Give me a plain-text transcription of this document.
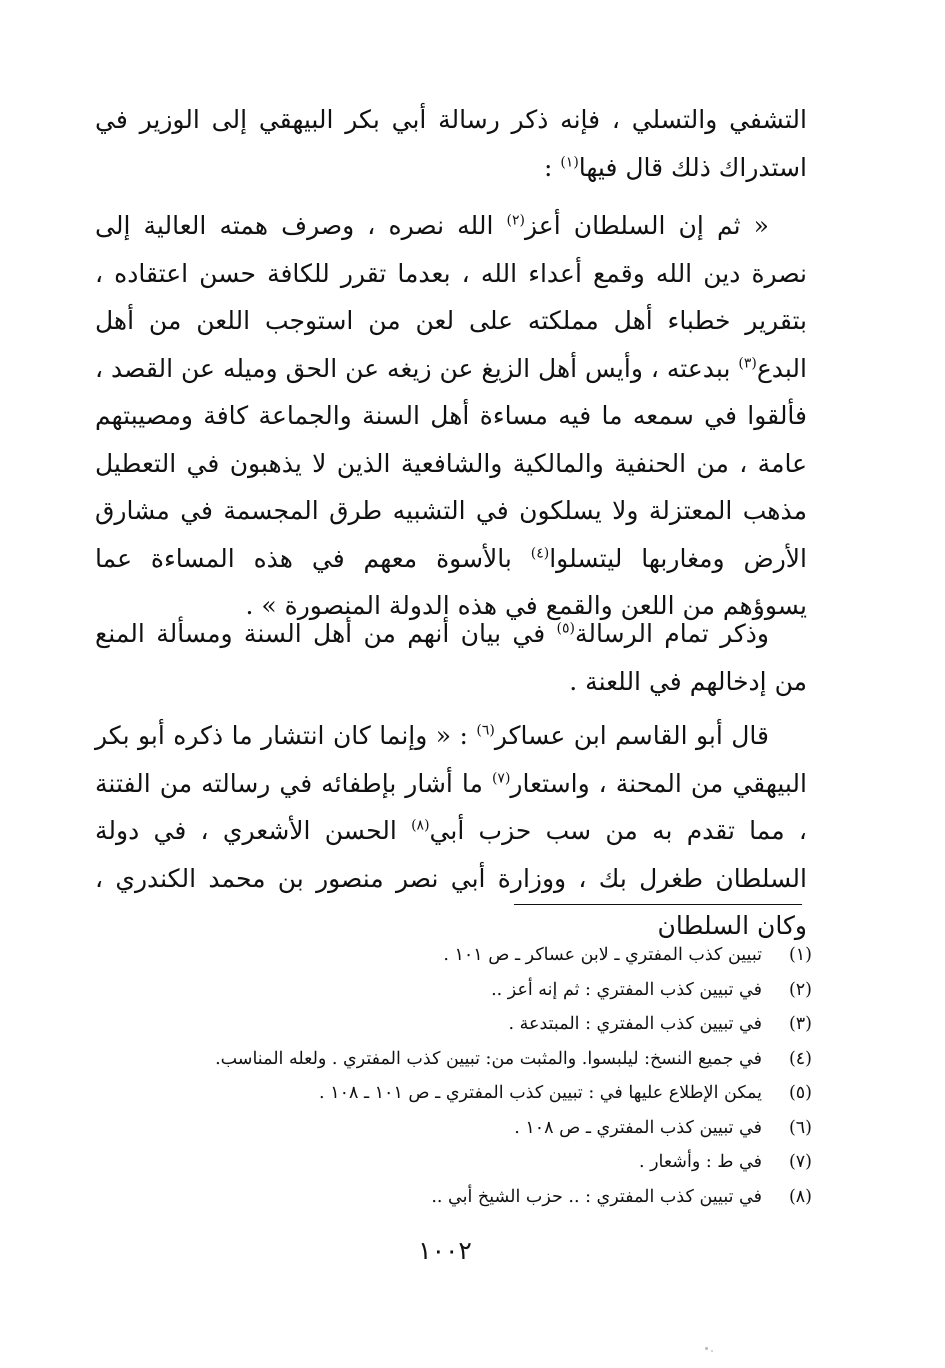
التشفي والتسلي ، فإنه ذكر رسالة أبي بكر البيهقي إلى الوزير في استدراك ذلك قال فيها$^{(١)}$ :

« ثم إن السلطان أعز$^{(٢)}$ الله نصره ، وصرف همته العالية إلى نصرة دين الله وقمع أعداء الله ، بعدما تقرر للكافة حسن اعتقاده ، بتقرير خطباء أهل مملكته على لعن من استوجب اللعن من أهل البدع$^{(٣)}$ ببدعته ، وأيس أهل الزيغ عن زيغه عن الحق وميله عن القصد ، فألقوا في سمعه ما فيه مساءة أهل السنة والجماعة كافة ومصيبتهم عامة ، من الحنفية والمالكية والشافعية الذين لا يذهبون في التعطيل مذهب المعتزلة ولا يسلكون في التشبيه طرق المجسمة في مشارق الأرض ومغاربها ليتسلوا$^{(٤)}$ بالأسوة معهم في هذه المساءة عما يسوؤهم من اللعن والقمع في هذه الدولة المنصورة » .

وذكر تمام الرسالة$^{(٥)}$ في بيان أنهم من أهل السنة ومسألة المنع من إدخالهم في اللعنة .

قال أبو القاسم ابن عساكر$^{(٦)}$ : « وإنما كان انتشار ما ذكره أبو بكر البيهقي من المحنة ، واستعار$^{(٧)}$ ما أشار بإطفائه في رسالته من الفتنة ، مما تقدم به من سب حزب أبي$^{(٨)}$ الحسن الأشعري ، في دولة السلطان طغرل بك ، ووزارة أبي نصر منصور بن محمد الكندري ، وكان السلطان

(١)تبيين كذب المفتري ـ لابن عساكر ـ ص ١٠١ .
(٢)في تبيين كذب المفتري : ثم إنه أعز ..
(٣)في تبيين كذب المفتري : المبتدعة .
(٤)في جميع النسخ: ليلبسوا. والمثبت من: تبيين كذب المفتري . ولعله المناسب.
(٥)يمكن الإطلاع عليها في : تبيين كذب المفتري ـ ص ١٠١ ـ ١٠٨ .
(٦)في تبيين كذب المفتري ـ ص ١٠٨ .
(٧)في ط : وأشعار .
(٨)في تبيين كذب المفتري : .. حزب الشيخ أبي ..
١٠٠٢
